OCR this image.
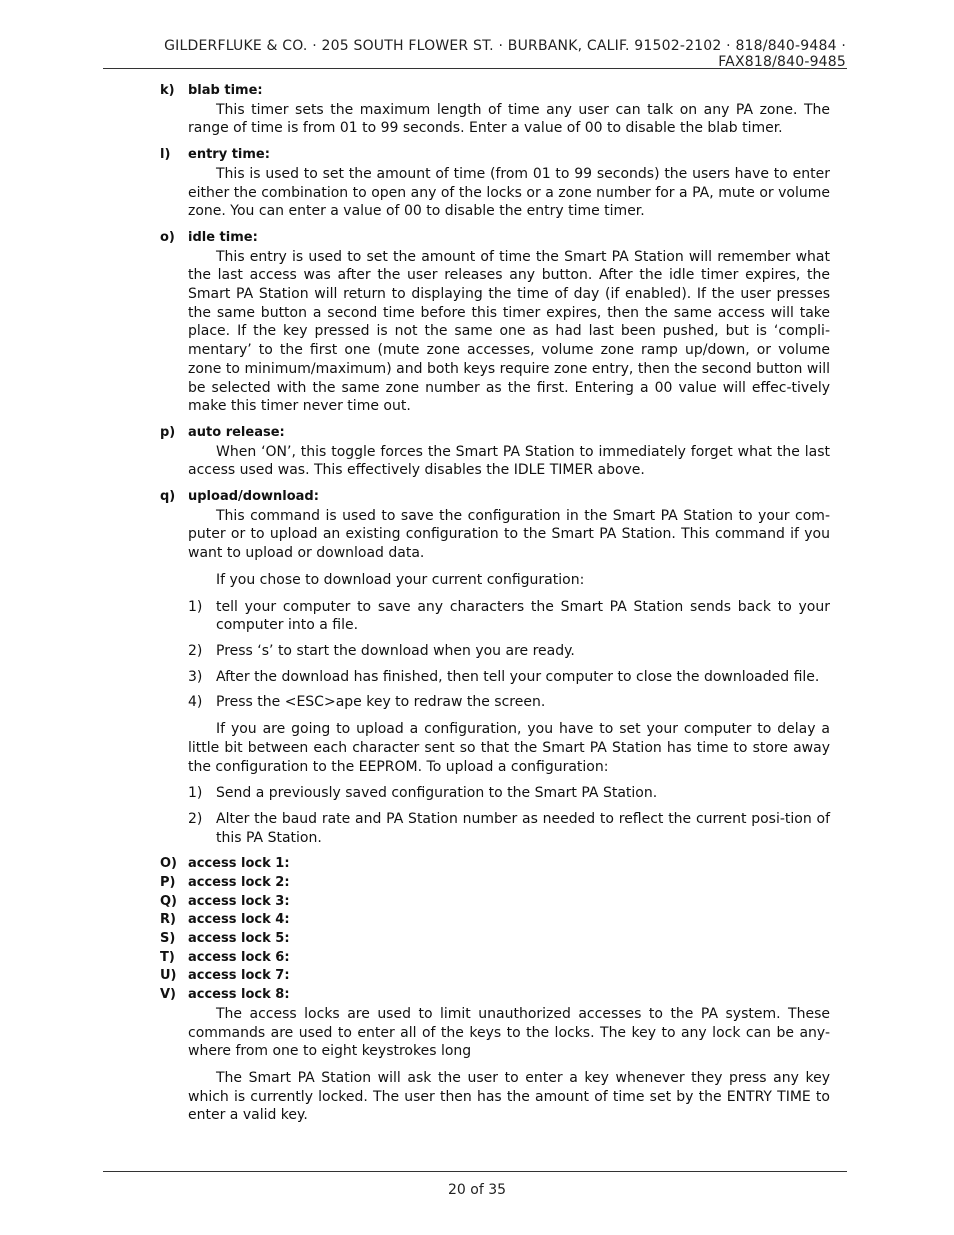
GILDERFLUKE & CO. · 205 SOUTH FLOWER ST. · BURBANK, CALIF. 91502-2102 · 818/840-9484 · FAX818/840-9485
k) blab time:
This timer sets the maximum length of time any user can talk on any PA zone. The range of time is from 01 to 99 seconds. Enter a value of 00 to disable the blab timer.
l) entry time:
This is used to set the amount of time (from 01 to 99 seconds) the users have to enter either the combination to open any of the locks or a zone number for a PA, mute or volume zone. You can enter a value of 00 to disable the entry time timer.
o) idle time:
This entry is used to set the amount of time the Smart PA Station will remember what the last access was after the user releases any button. After the idle timer expires, the Smart PA Station will return to displaying the time of day (if enabled). If the user presses the same button a second time before this timer expires, then the same access will take place. If the key pressed is not the same one as had last been pushed, but is ‘compli-mentary’ to the first one (mute zone accesses, volume zone ramp up/down, or volume zone to minimum/maximum) and both keys require zone entry, then the second button will be selected with the same zone number as the first. Entering a 00 value will effec-tively make this timer never time out.
p) auto release:
When ‘ON’, this toggle forces the Smart PA Station to immediately forget what the last access used was. This effectively disables the IDLE TIMER above.
q) upload/download:
This command is used to save the configuration in the Smart PA Station to your com-puter or to upload an existing configuration to the Smart PA Station. This command if you want to upload or download data.
If you chose to download your current configuration:
1) tell your computer to save any characters the Smart PA Station sends back to your computer into a file.
2) Press ‘s’ to start the download when you are ready.
3) After the download has finished, then tell your computer to close the downloaded file.
4) Press the <ESC>ape key to redraw the screen.
If you are going to upload a configuration, you have to set your computer to delay a little bit between each character sent so that the Smart PA Station has time to store away the configuration to the EEPROM. To upload a configuration:
1) Send a previously saved configuration to the Smart PA Station.
2) Alter the baud rate and PA Station number as needed to reflect the current posi-tion of this PA Station.
O) access lock 1:
P) access lock 2:
Q) access lock 3:
R) access lock 4:
S) access lock 5:
T) access lock 6:
U) access lock 7:
V) access lock 8:
The access locks are used to limit unauthorized accesses to the PA system. These commands are used to enter all of the keys to the locks. The key to any lock can be any-where from one to eight keystrokes long
The Smart PA Station will ask the user to enter a key whenever they press any key which is currently locked. The user then has the amount of time set by the ENTRY TIME to enter a valid key.
20 of 35
